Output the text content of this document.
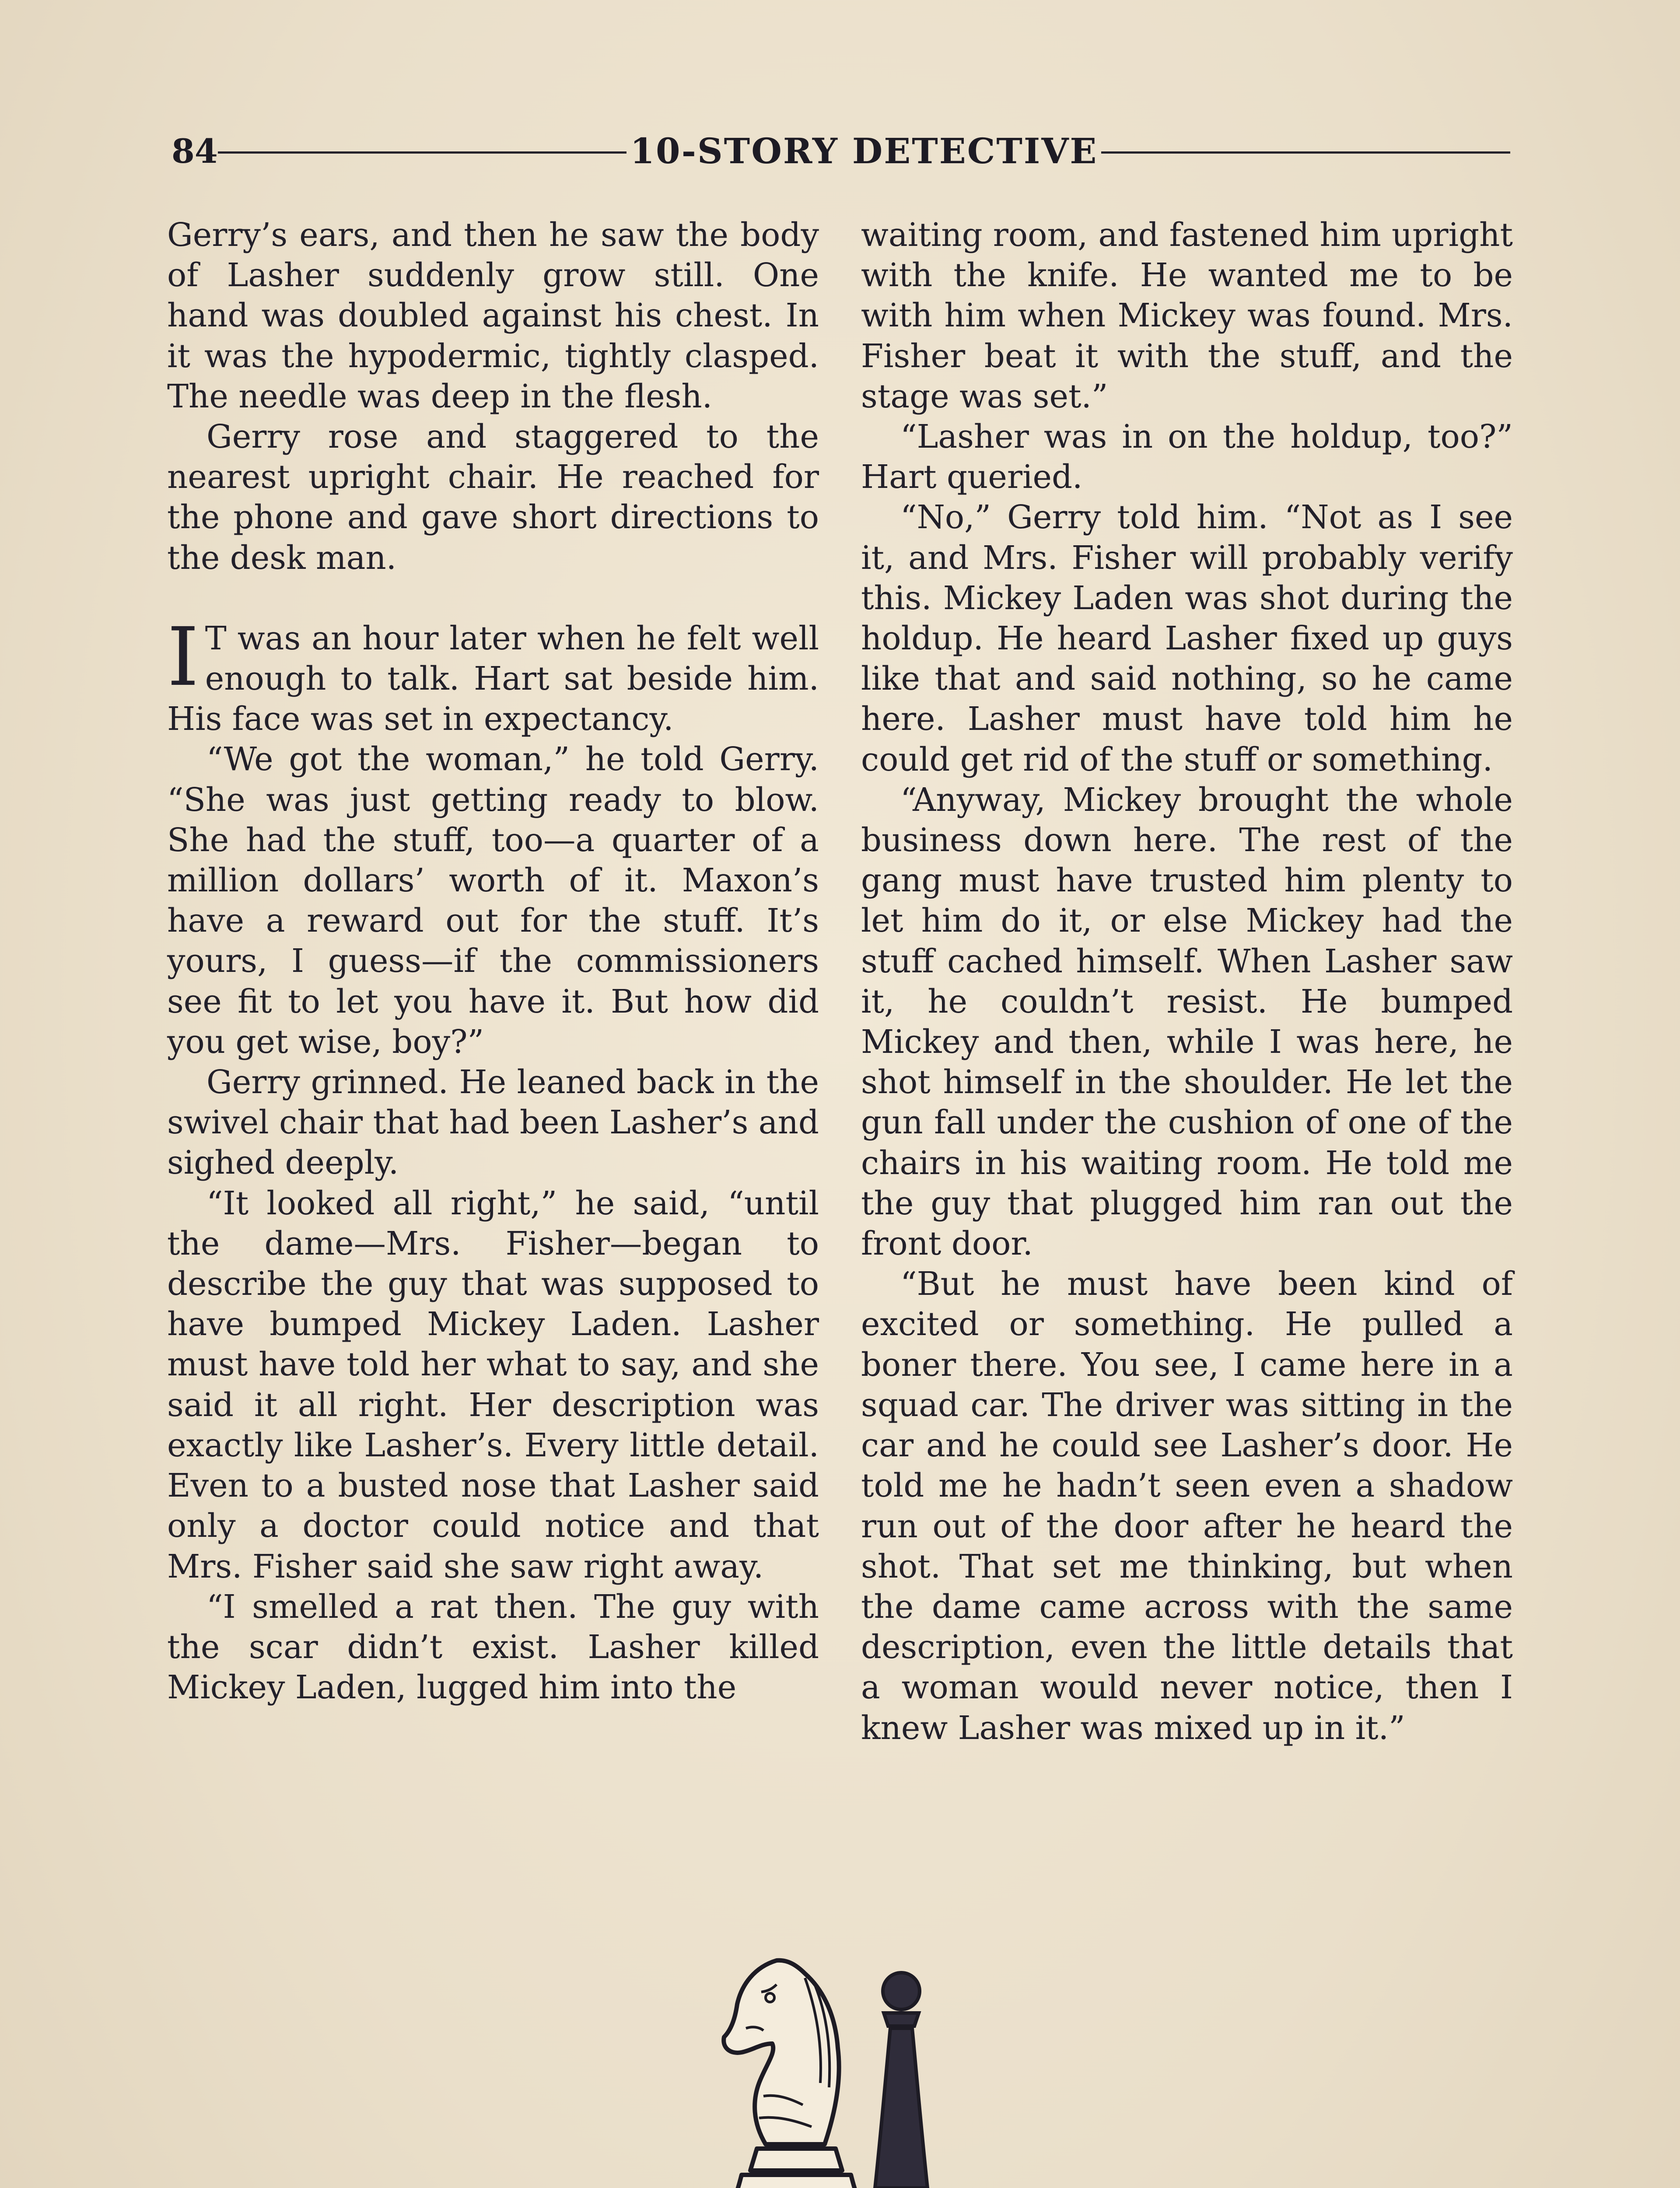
84	10-STORY DETECTIVE

Gerry’s ears, and then he saw the body of Lasher suddenly grow still. One hand was doubled against his chest. In it was the hypodermic, tightly clasped. The needle was deep in the flesh.

Gerry rose and staggered to the nearest upright chair. He reached for the phone and gave short directions to the desk man.

I T was an hour later when he felt well enough to talk. Hart sat beside him. His face was set in expectancy.

“We got the woman,” he told Gerry. “She was just getting ready to blow. She had the stuff, too—a quarter of a million dollars’ worth of it. Maxon’s have a reward out for the stuff. It’s yours, I guess—if the commissioners see fit to let you have it. But how did you get wise, boy?”

Gerry grinned. He leaned back in the swivel chair that had been Lasher’s and sighed deeply.

“It looked all right,” he said, “until the dame—Mrs. Fisher—began to describe the guy that was supposed to have bumped Mickey Laden. Lasher must have told her what to say, and she said it all right. Her description was exactly like Lasher’s. Every little detail. Even to a busted nose that Lasher said only a doctor could notice and that Mrs. Fisher said she saw right away.

“I smelled a rat then. The guy with the scar didn’t exist. Lasher killed Mickey Laden, lugged him into the

waiting room, and fastened him upright with the knife. He wanted me to be with him when Mickey was found. Mrs. Fisher beat it with the stuff, and the stage was set.”

“Lasher was in on the holdup, too?” Hart queried.

“No,” Gerry told him. “Not as I see it, and Mrs. Fisher will probably verify this. Mickey Laden was shot during the holdup. He heard Lasher fixed up guys like that and said nothing, so he came here. Lasher must have told him he could get rid of the stuff or something.

“Anyway, Mickey brought the whole business down here. The rest of the gang must have trusted him plenty to let him do it, or else Mickey had the stuff cached himself. When Lasher saw it, he couldn’t resist. He bumped Mickey and then, while I was here, he shot himself in the shoulder. He let the gun fall under the cushion of one of the chairs in his waiting room. He told me the guy that plugged him ran out the front door.

“But he must have been kind of excited or something. He pulled a boner there. You see, I came here in a squad car. The driver was sitting in the car and he could see Lasher’s door. He told me he hadn’t seen even a shadow run out of the door after he heard the shot. That set me thinking, but when the dame came across with the same description, even the little details that a woman would never notice, then I knew Lasher was mixed up in it.”
